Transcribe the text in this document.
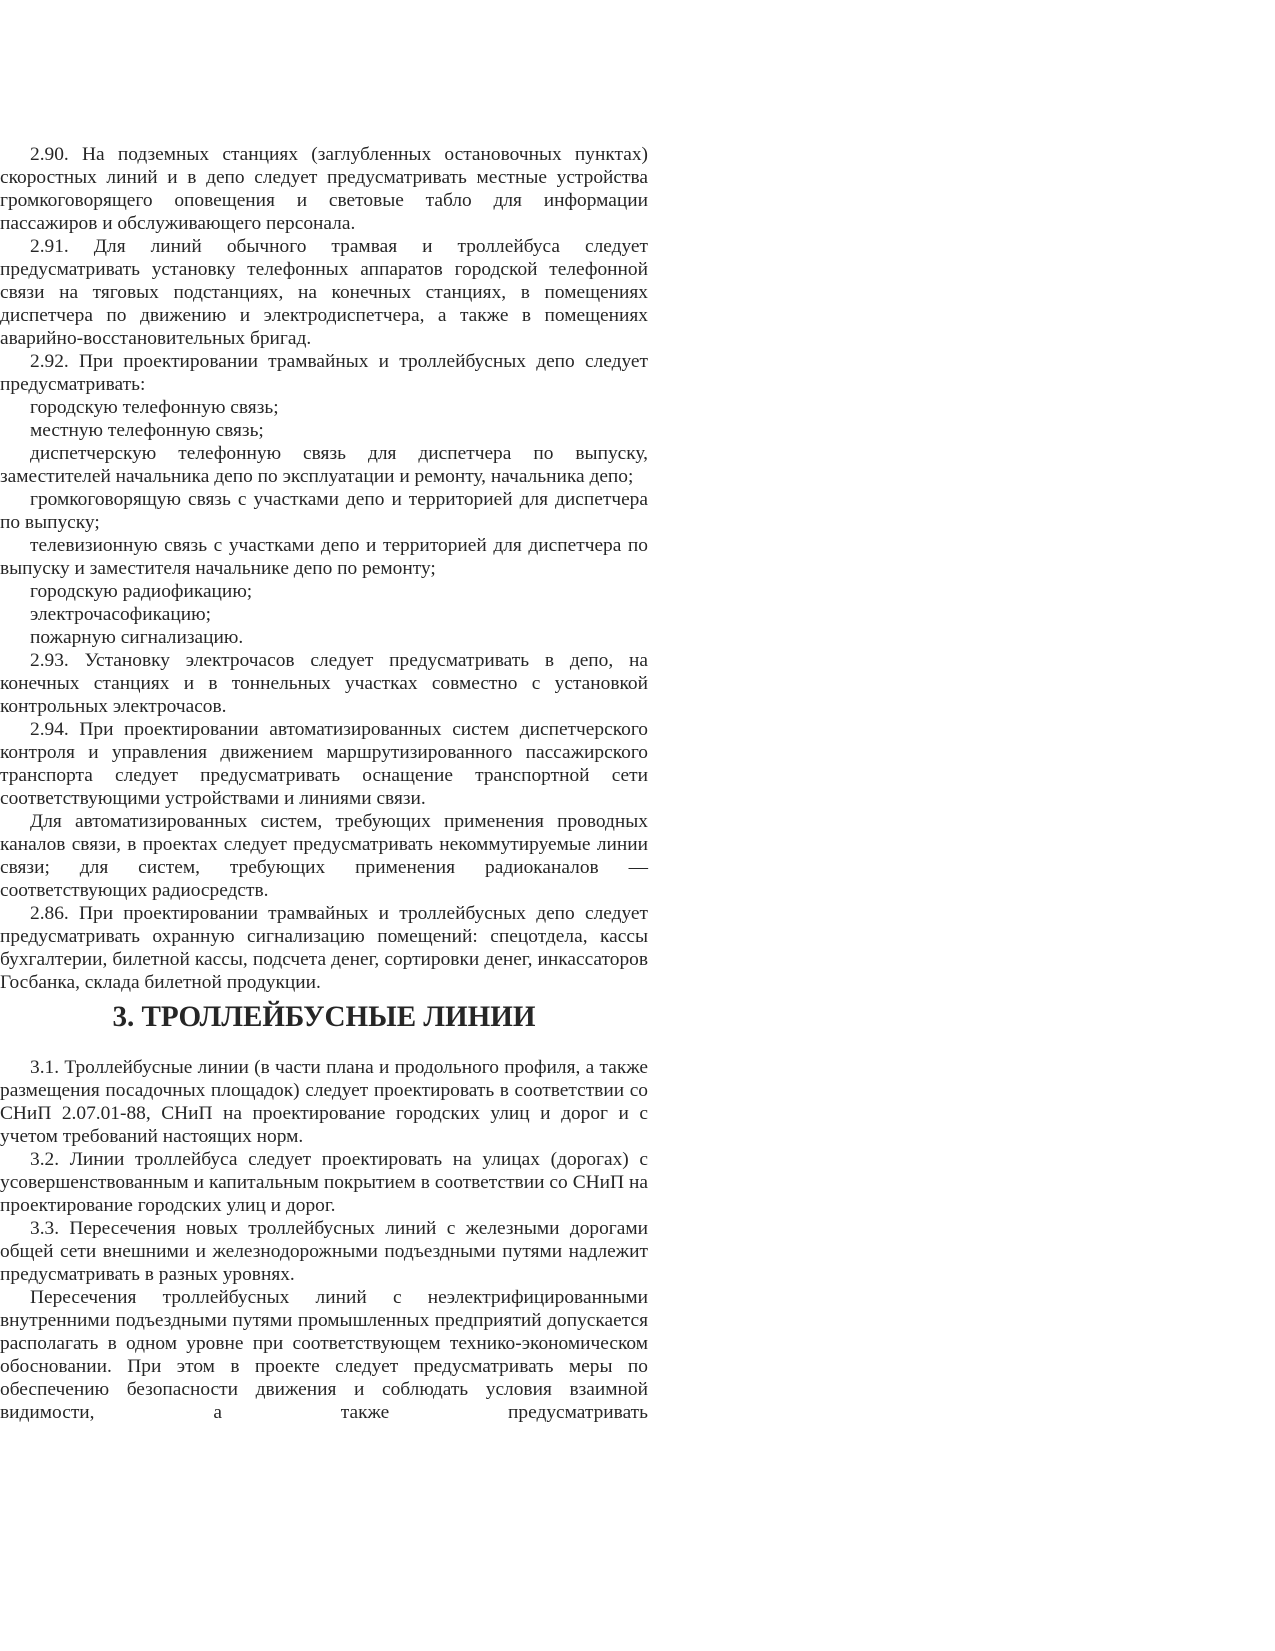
2.90. На подземных станциях (заглубленных остановочных пунктах) скоростных линий и в депо следует предусматривать местные устройства громкоговорящего оповещения и световые табло для информации пассажиров и обслуживающего персонала.

2.91. Для линий обычного трамвая и троллейбуса следует предусматривать установку телефонных аппаратов городской телефонной связи на тяговых подстанциях, на конечных станциях, в помещениях диспетчера по движению и электродиспетчера, а также в помещениях аварийно-восстановительных бригад.

2.92. При проектировании трамвайных и троллейбусных депо следует предусматривать:

городскую телефонную связь;

местную телефонную связь;

диспетчерскую телефонную связь для диспетчера по выпуску, заместителей начальника депо по эксплуатации и ремонту, начальника депо;

громкоговорящую связь с участками депо и территорией для диспетчера по выпуску;

телевизионную связь с участками депо и территорией для диспетчера по выпуску и заместителя начальнике депо по ремонту;

городскую радиофикацию;

электрочасофикацию;

пожарную сигнализацию.

2.93. Установку электрочасов следует предусматривать в депо, на конечных станциях и в тоннельных участках совместно с установкой контрольных электрочасов.

2.94. При проектировании автоматизированных систем диспетчерского контроля и управления движением маршрутизированного пассажирского транспорта следует предусматривать оснащение транспортной сети соответствующими устройствами и линиями связи.

Для автоматизированных систем, требующих применения проводных каналов связи, в проектах следует предусматривать некоммутируемые линии связи; для систем, требующих применения радиоканалов — соответствующих радиосредств.

2.86. При проектировании трамвайных и троллейбусных депо следует предусматривать охранную сигнализацию помещений: спецотдела, кассы бухгалтерии, билетной кассы, подсчета денег, сортировки денег, инкассаторов Госбанка, склада билетной продукции.

3. ТРОЛЛЕЙБУСНЫЕ ЛИНИИ

3.1. Троллейбусные линии (в части плана и продольного профиля, а также размещения посадочных площадок) следует проектировать в соответствии со СНиП 2.07.01-88, СНиП на проектирование городских улиц и дорог и с учетом требований настоящих норм.

3.2. Линии троллейбуса следует проектировать на улицах (дорогах) с усовершенствованным и капитальным покрытием в соответствии со СНиП на проектирование городских улиц и дорог.

3.3. Пересечения новых троллейбусных линий с железными дорогами общей сети внешними и железнодорожными подъездными путями надлежит предусматривать в разных уровнях.

Пересечения троллейбусных линий с неэлектрифицированными внутренними подъездными путями промышленных предприятий допускается располагать в одном уровне при соответствующем технико-экономическом обосновании. При этом в проекте следует предусматривать меры по обеспечению безопасности движения и соблюдать условия взаимной видимости, а также предусматривать
